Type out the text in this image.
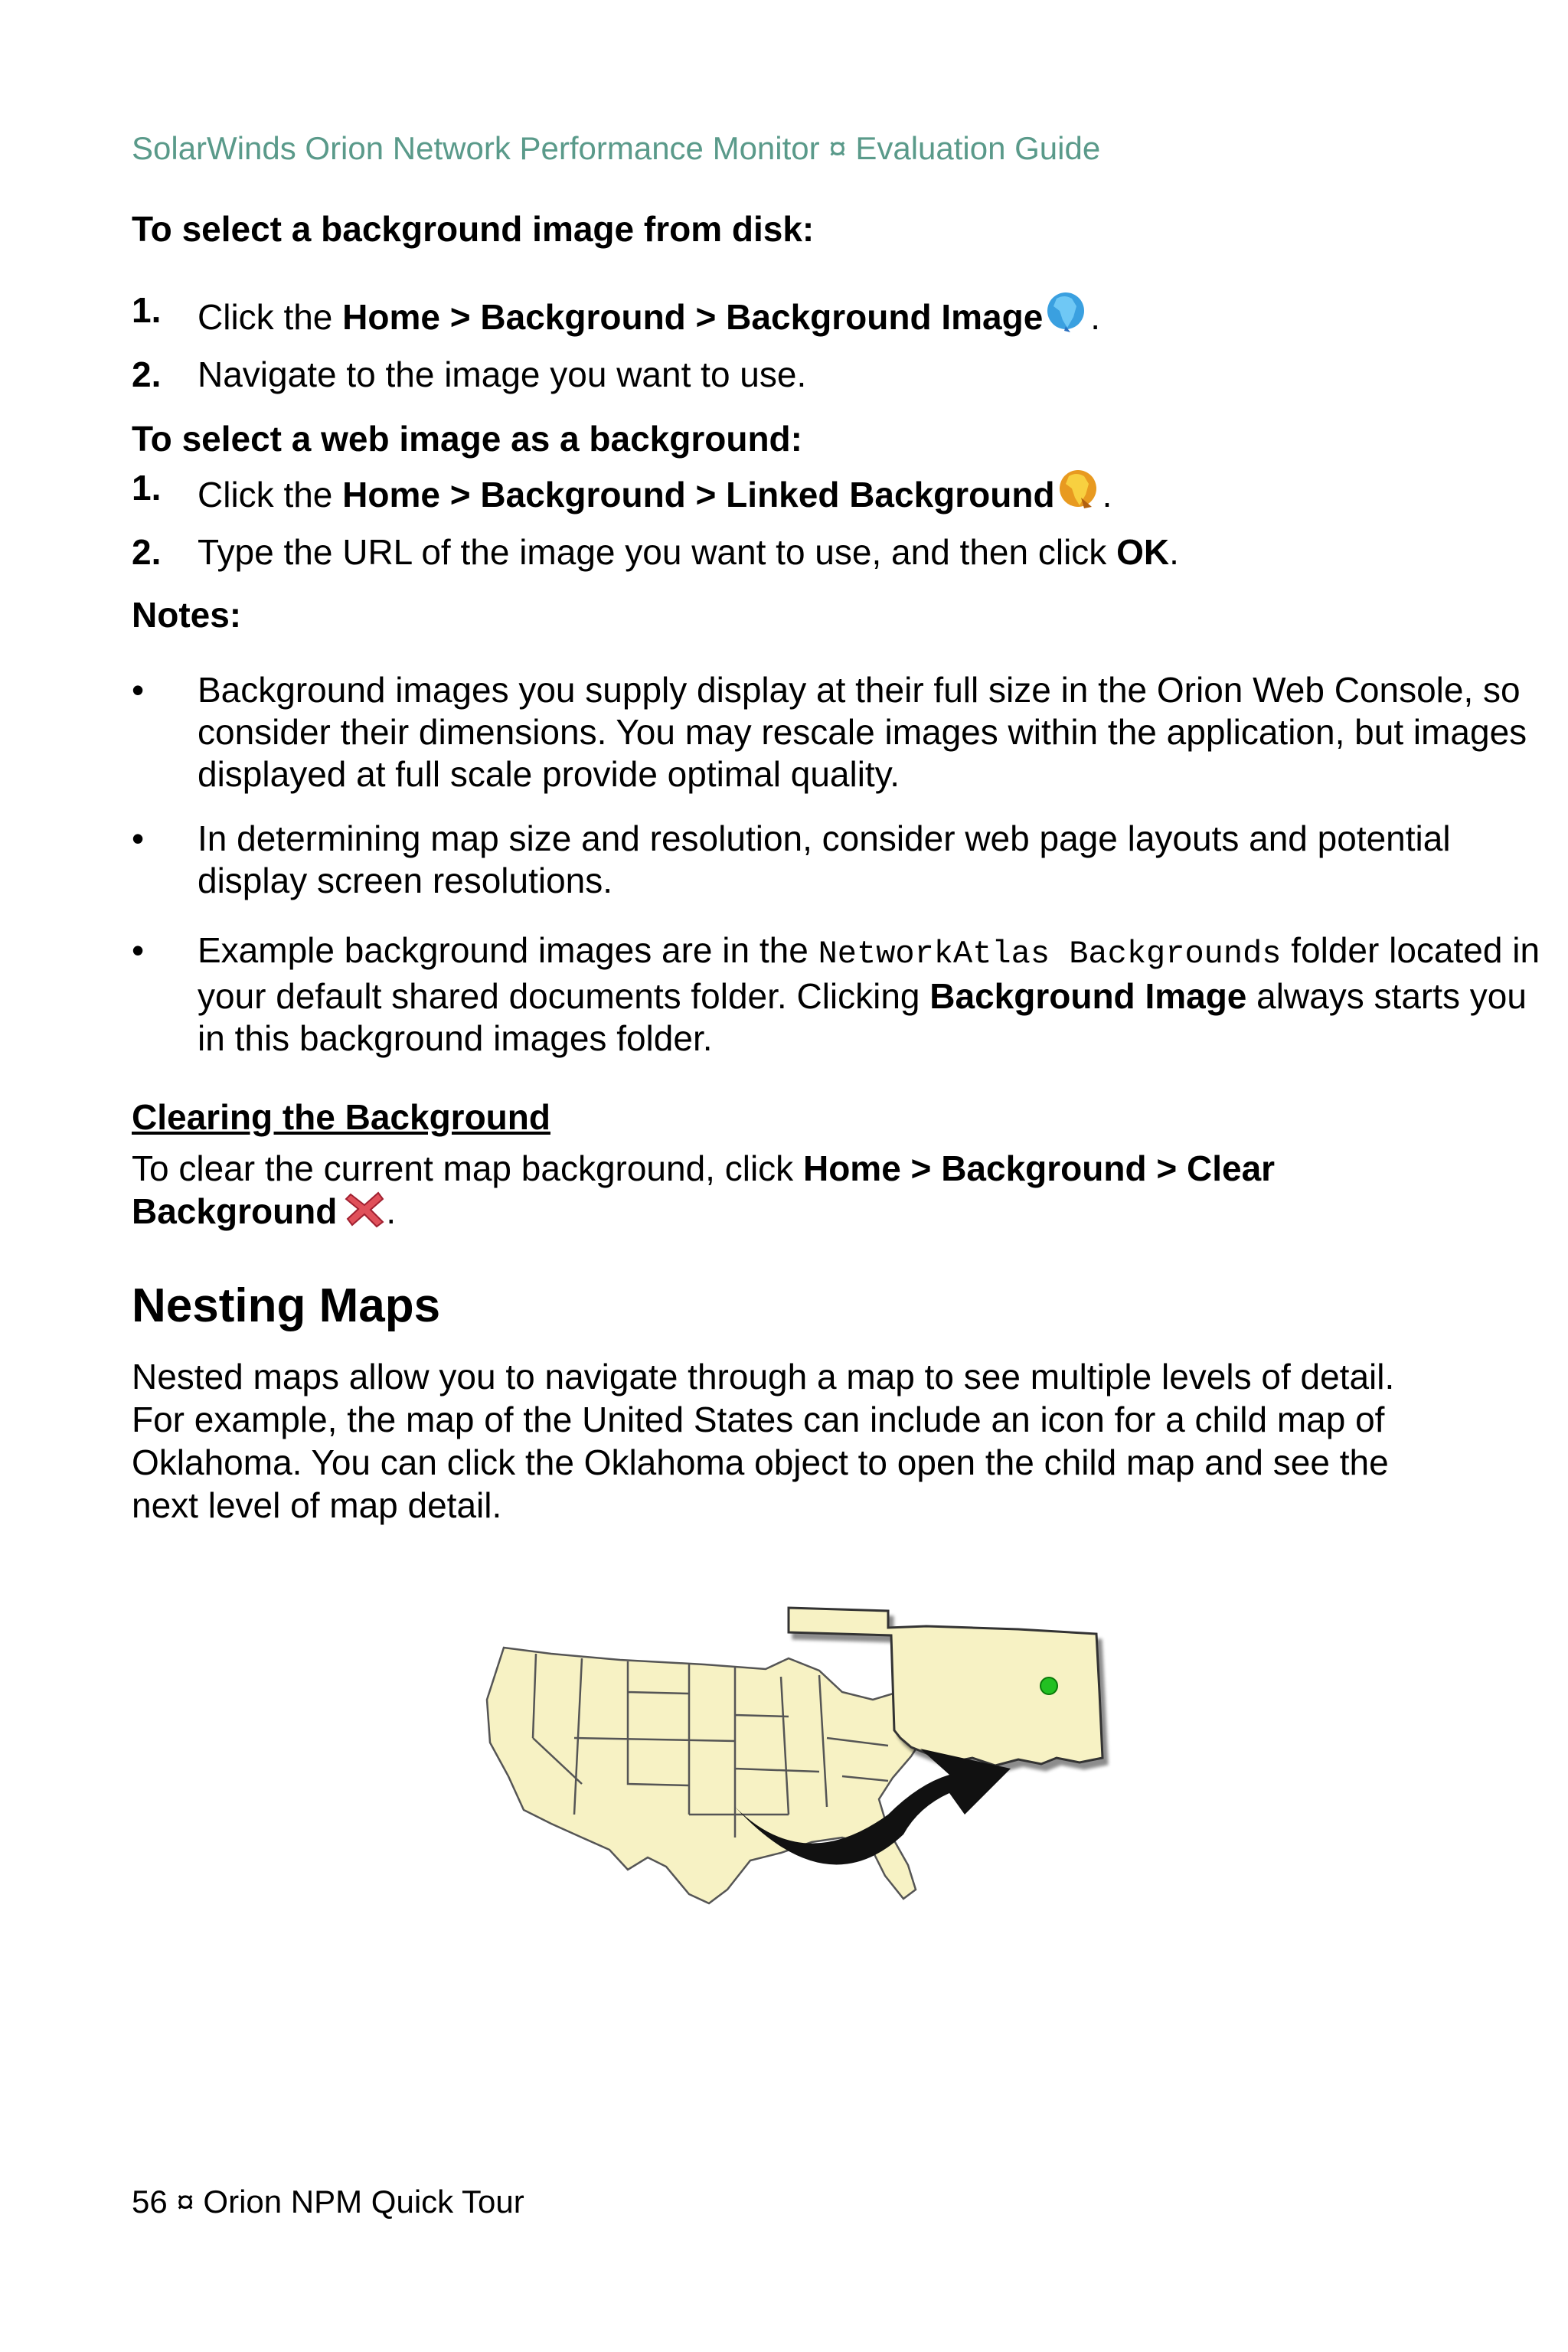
SolarWinds Orion Network Performance Monitor ¤ Evaluation Guide
To select a background image from disk:
1. Click the Home > Background > Background Image .
2. Navigate to the image you want to use.
To select a web image as a background:
1. Click the Home > Background > Linked Background .
2. Type the URL of the image you want to use, and then click OK.
Notes:
• Background images you supply display at their full size in the Orion Web Console, so consider their dimensions. You may rescale images within the application, but images displayed at full scale provide optimal quality.
• In determining map size and resolution, consider web page layouts and potential display screen resolutions.
• Example background images are in the NetworkAtlas Backgrounds folder located in your default shared documents folder. Clicking Background Image always starts you in this background images folder.
Clearing the Background
To clear the current map background, click Home > Background > Clear Background .
Nesting Maps
Nested maps allow you to navigate through a map to see multiple levels of detail. For example, the map of the United States can include an icon for a child map of Oklahoma. You can click the Oklahoma object to open the child map and see the next level of map detail.
56 ¤ Orion NPM Quick Tour
